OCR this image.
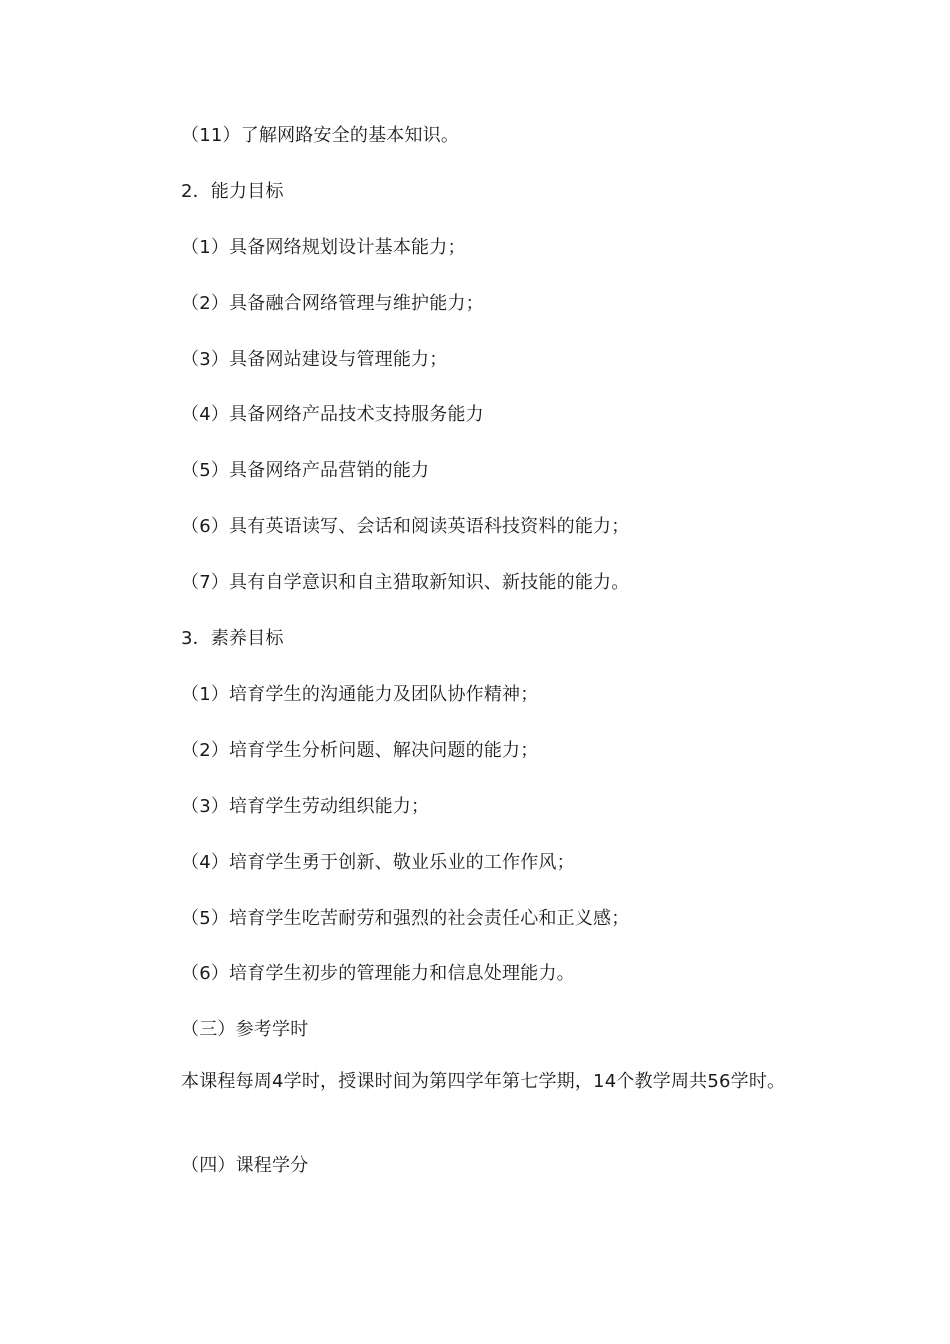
（11）了解网路安全的基本知识。
2．能力目标
（1）具备网络规划设计基本能力；
（2）具备融合网络管理与维护能力；
（3）具备网站建设与管理能力；
（4）具备网络产品技术支持服务能力
（5）具备网络产品营销的能力
（6）具有英语读写、会话和阅读英语科技资料的能力；
（7）具有自学意识和自主猎取新知识、新技能的能力。
3．素养目标
（1）培育学生的沟通能力及团队协作精神；
（2）培育学生分析问题、解决问题的能力；
（3）培育学生劳动组织能力；
（4）培育学生勇于创新、敬业乐业的工作作风；
（5）培育学生吃苦耐劳和强烈的社会责任心和正义感；
（6）培育学生初步的管理能力和信息处理能力。
（三）参考学时
本课程每周4学时，授课时间为第四学年第七学期，14个教学周共56学时。
（四）课程学分
